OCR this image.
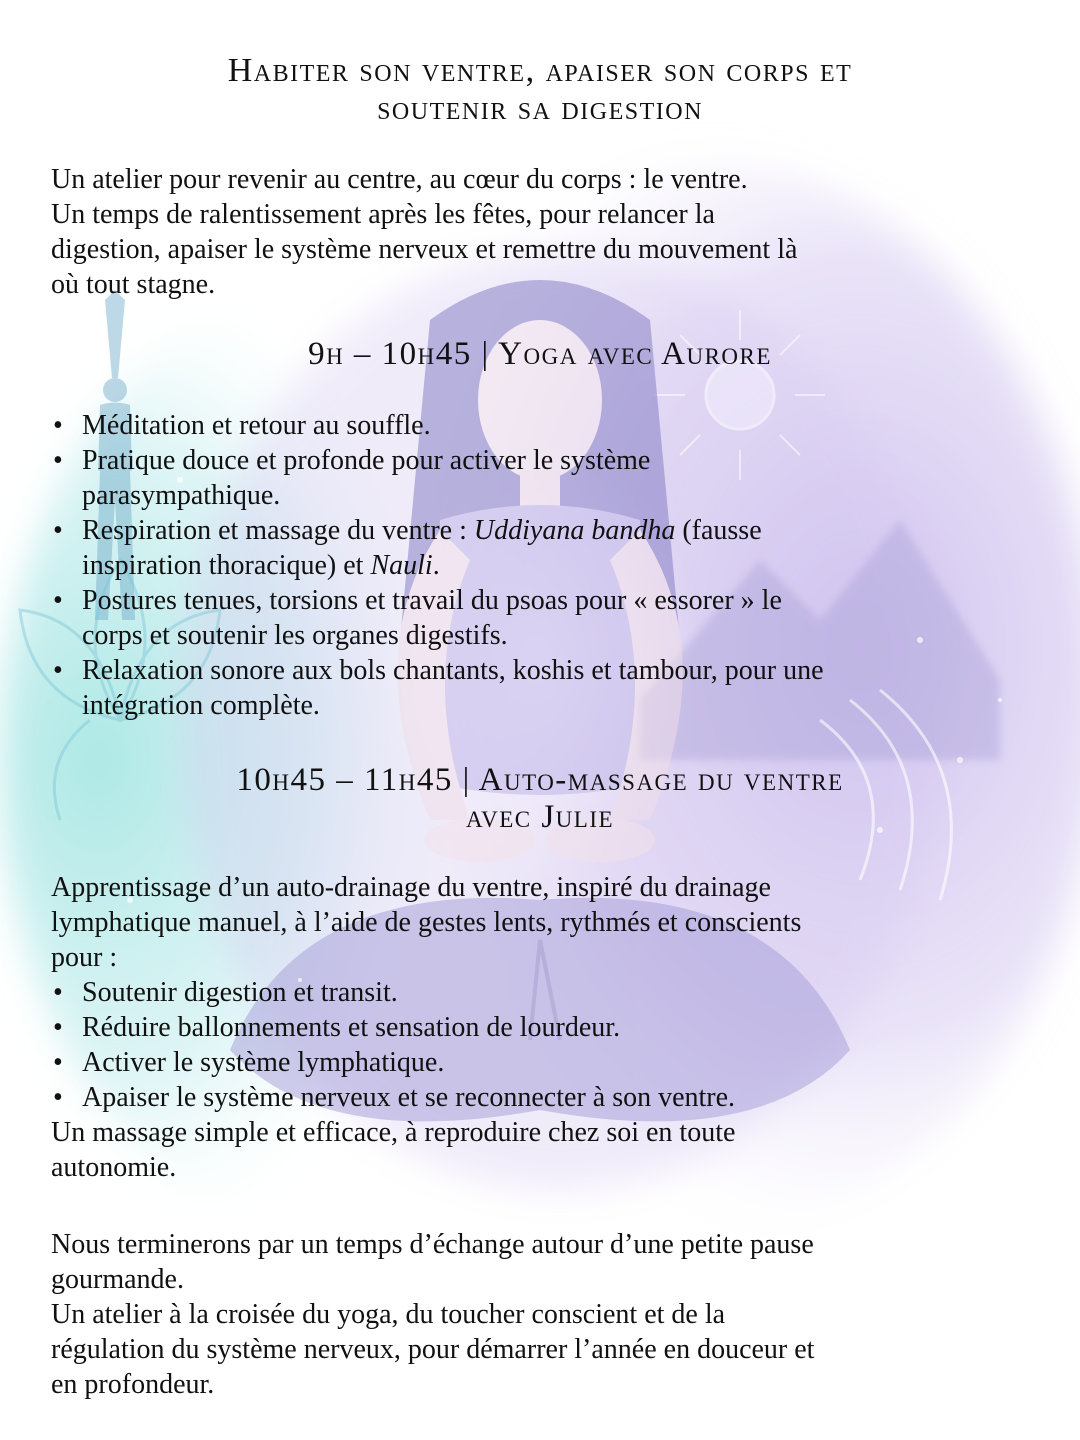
Habiter son ventre, apaiser son corps et
soutenir sa digestion
Un atelier pour revenir au centre, au cœur du corps : le ventre.
Un temps de ralentissement après les fêtes, pour relancer la
digestion, apaiser le système nerveux et remettre du mouvement là
où tout stagne.
9h – 10h45 | Yoga avec Aurore
• Méditation et retour au souffle.
• Pratique douce et profonde pour activer le système
parasympathique.
• Respiration et massage du ventre : Uddiyana bandha (fausse
inspiration thoracique) et Nauli.
• Postures tenues, torsions et travail du psoas pour « essorer » le
corps et soutenir les organes digestifs.
• Relaxation sonore aux bols chantants, koshis et tambour, pour une
intégration complète.
10h45 – 11h45 | Auto-massage du ventre
avec Julie
Apprentissage d’un auto-drainage du ventre, inspiré du drainage
lymphatique manuel, à l’aide de gestes lents, rythmés et conscients
pour :
• Soutenir digestion et transit.
• Réduire ballonnements et sensation de lourdeur.
• Activer le système lymphatique.
• Apaiser le système nerveux et se reconnecter à son ventre.
Un massage simple et efficace, à reproduire chez soi en toute
autonomie.
Nous terminerons par un temps d’échange autour d’une petite pause
gourmande.
Un atelier à la croisée du yoga, du toucher conscient et de la
régulation du système nerveux, pour démarrer l’année en douceur et
en profondeur.
